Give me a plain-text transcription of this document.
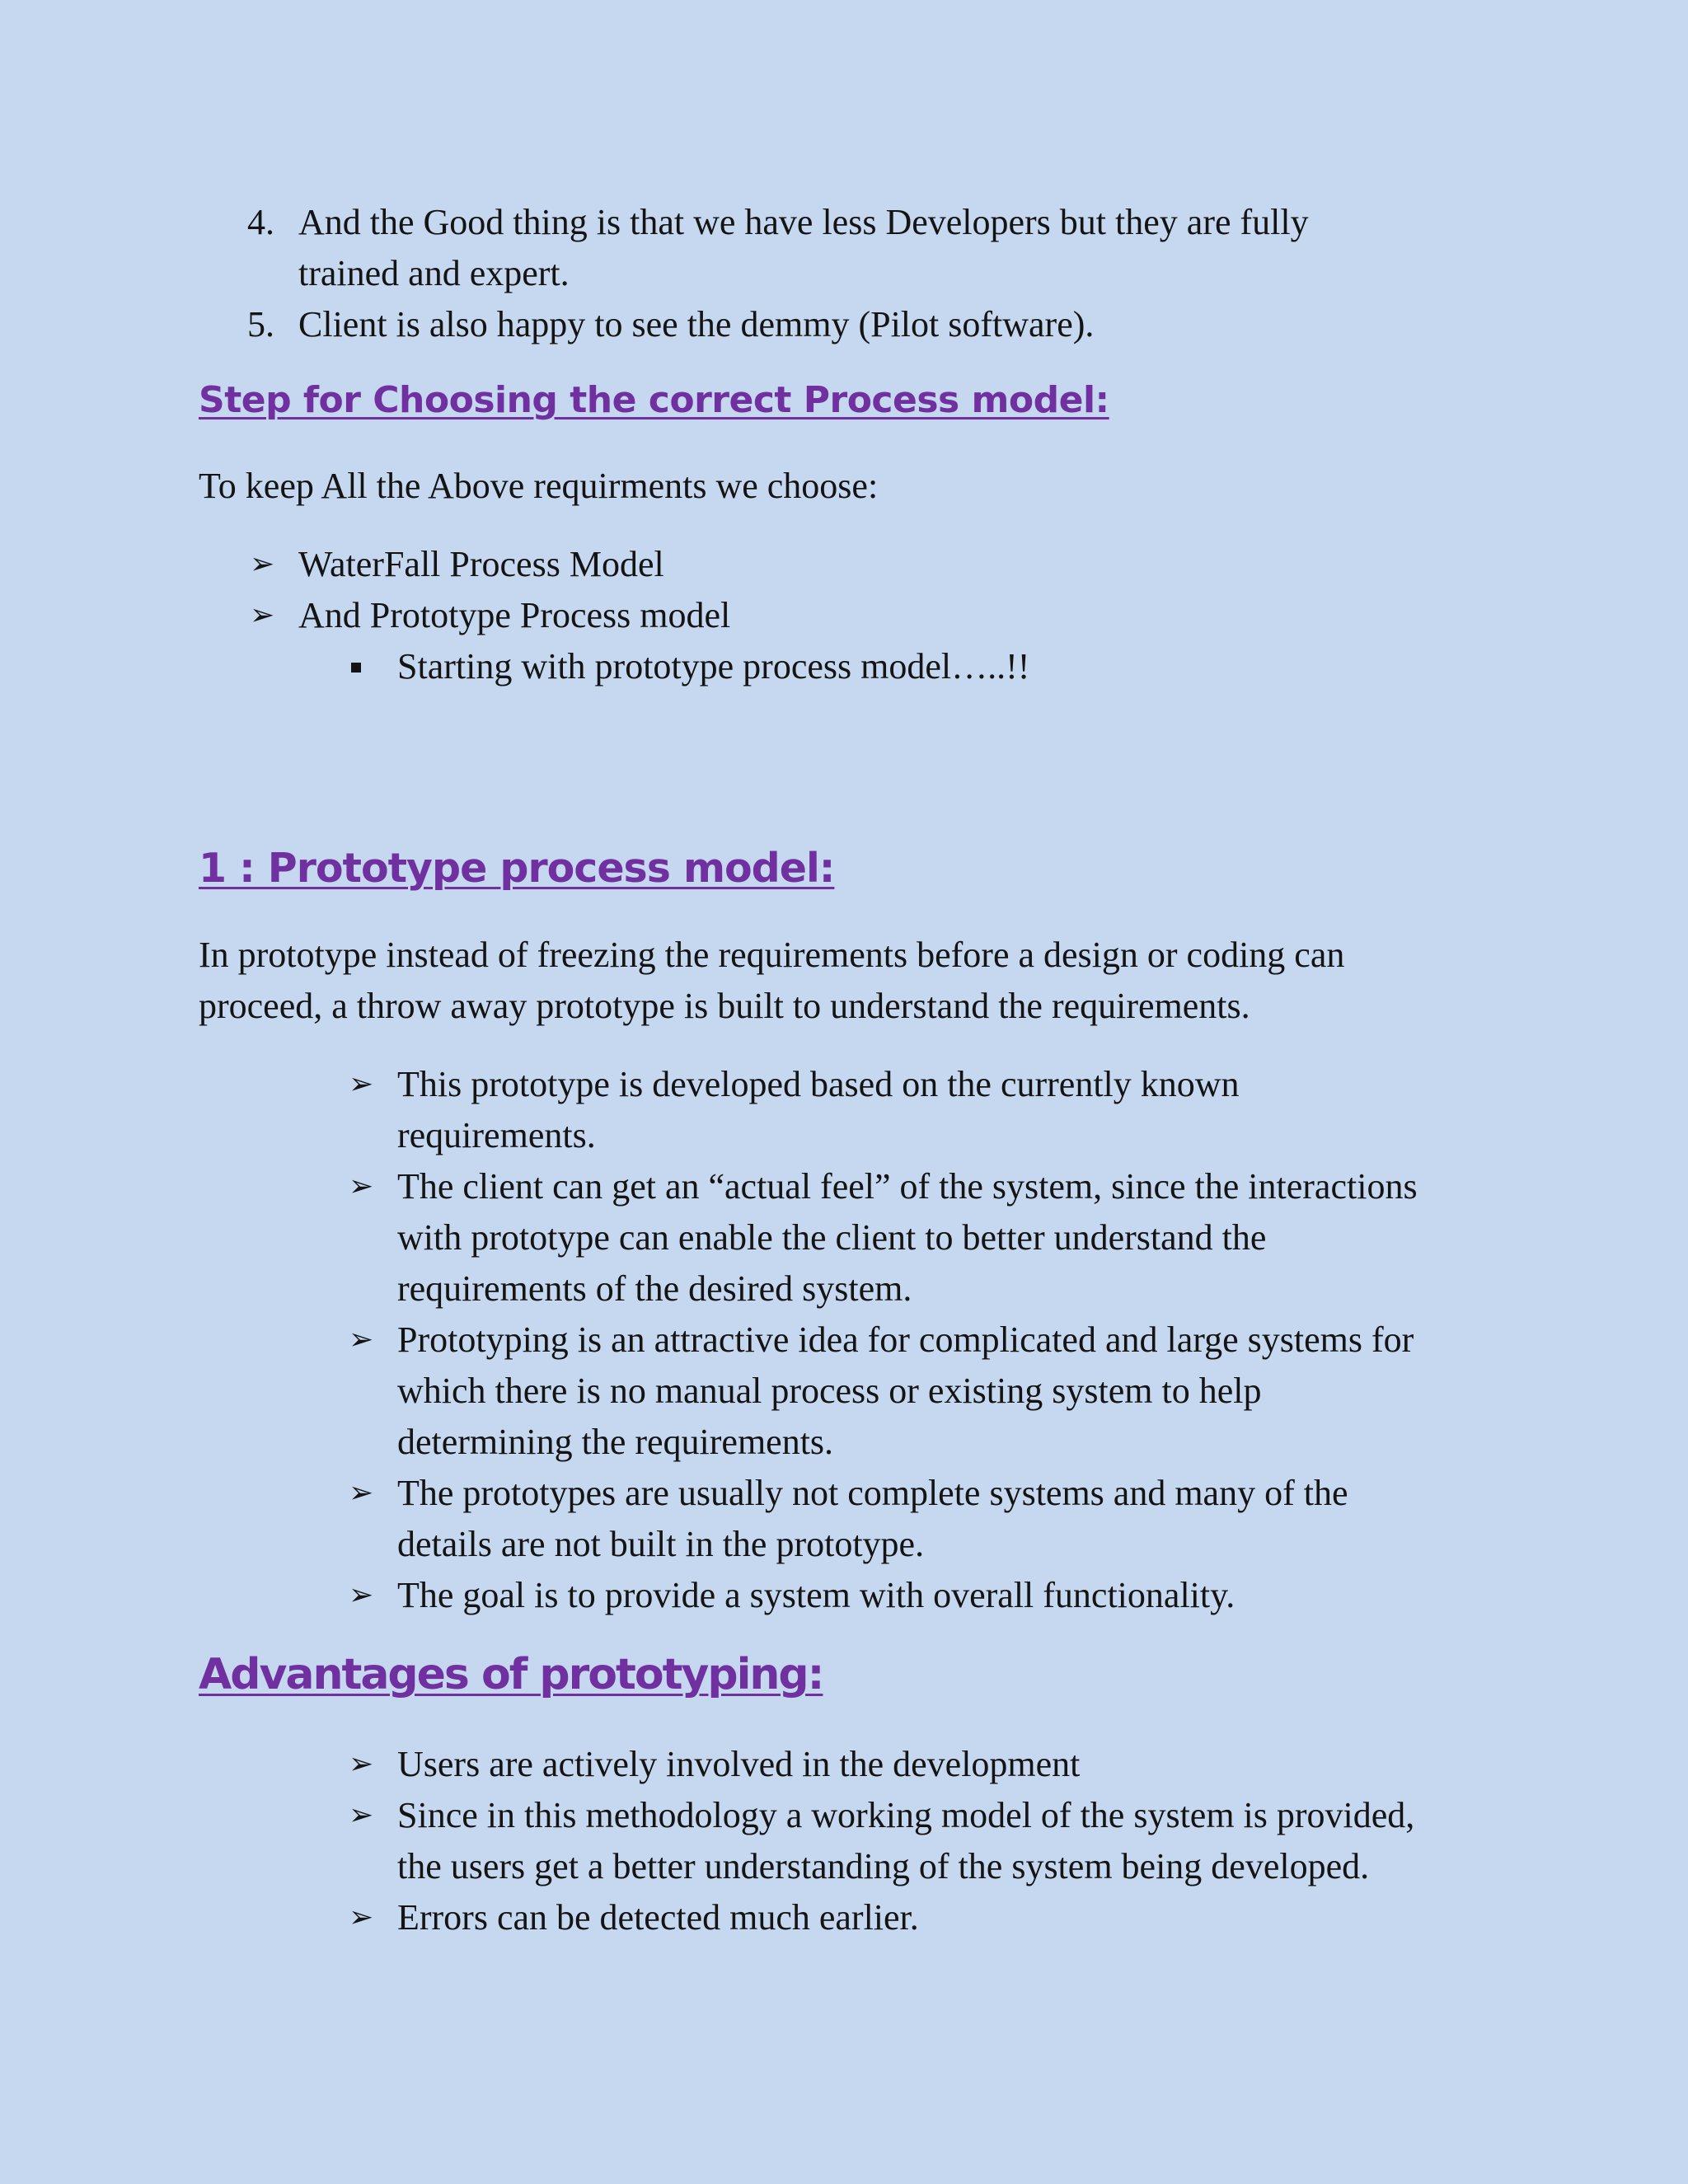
4. And the Good thing is that we have less Developers but they are fully
trained and expert.
5. Client is also happy to see the demmy (Pilot software).
Step for Choosing the correct Process model:
To keep All the Above requirments we choose:
➢ WaterFall Process Model
➢ And Prototype Process model
Starting with prototype process model…..!!
1 : Prototype process model:
In prototype instead of freezing the requirements before a design or coding can
proceed, a throw away prototype is built to understand the requirements.
➢ This prototype is developed based on the currently known
requirements.
➢ The client can get an “actual feel” of the system, since the interactions
with prototype can enable the client to better understand the
requirements of the desired system.
➢ Prototyping is an attractive idea for complicated and large systems for
which there is no manual process or existing system to help
determining the requirements.
➢ The prototypes are usually not complete systems and many of the
details are not built in the prototype.
➢ The goal is to provide a system with overall functionality.
Advantages of prototyping:
➢ Users are actively involved in the development
➢ Since in this methodology a working model of the system is provided,
the users get a better understanding of the system being developed.
➢ Errors can be detected much earlier.
